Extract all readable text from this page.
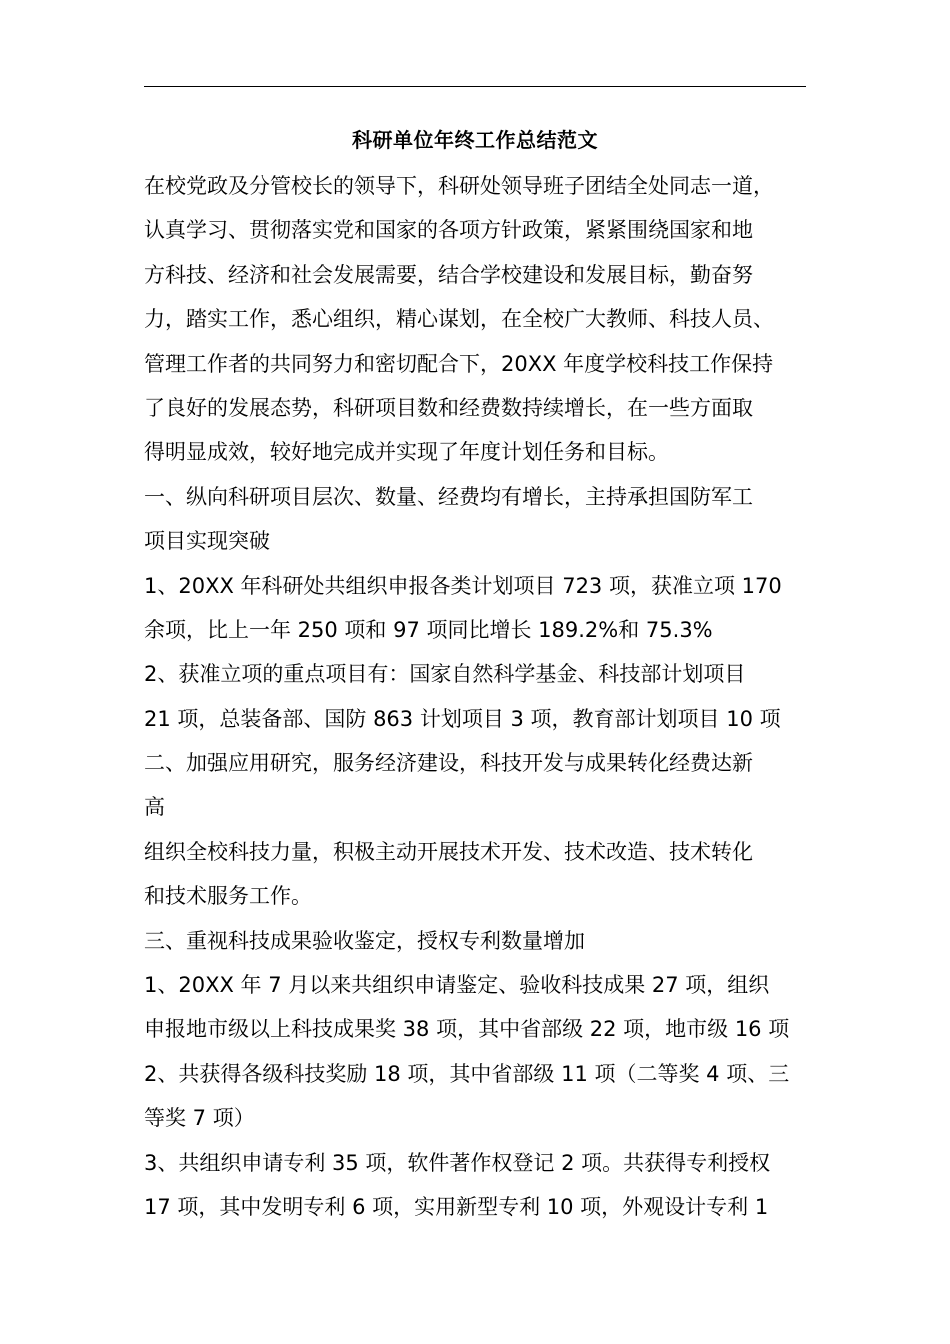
科研单位年终工作总结范文
在校党政及分管校长的领导下，科研处领导班子团结全处同志一道，
认真学习、贯彻落实党和国家的各项方针政策，紧紧围绕国家和地
方科技、经济和社会发展需要，结合学校建设和发展目标，勤奋努
力，踏实工作，悉心组织，精心谋划，在全校广大教师、科技人员、
管理工作者的共同努力和密切配合下，20XX 年度学校科技工作保持
了良好的发展态势，科研项目数和经费数持续增长，在一些方面取
得明显成效，较好地完成并实现了年度计划任务和目标。
一、纵向科研项目层次、数量、经费均有增长，主持承担国防军工
项目实现突破
1、20XX 年科研处共组织申报各类计划项目 723 项，获准立项 170
余项，比上一年 250 项和 97 项同比增长 189.2%和 75.3%
2、获准立项的重点项目有：国家自然科学基金、科技部计划项目
21 项，总装备部、国防 863 计划项目 3 项，教育部计划项目 10 项
二、加强应用研究，服务经济建设，科技开发与成果转化经费达新
高
组织全校科技力量，积极主动开展技术开发、技术改造、技术转化
和技术服务工作。
三、重视科技成果验收鉴定，授权专利数量增加
1、20XX 年 7 月以来共组织申请鉴定、验收科技成果 27 项，组织
申报地市级以上科技成果奖 38 项，其中省部级 22 项，地市级 16 项
2、共获得各级科技奖励 18 项，其中省部级 11 项（二等奖 4 项、三
等奖 7 项）
3、共组织申请专利 35 项，软件著作权登记 2 项。共获得专利授权
17 项，其中发明专利 6 项，实用新型专利 10 项，外观设计专利 1
